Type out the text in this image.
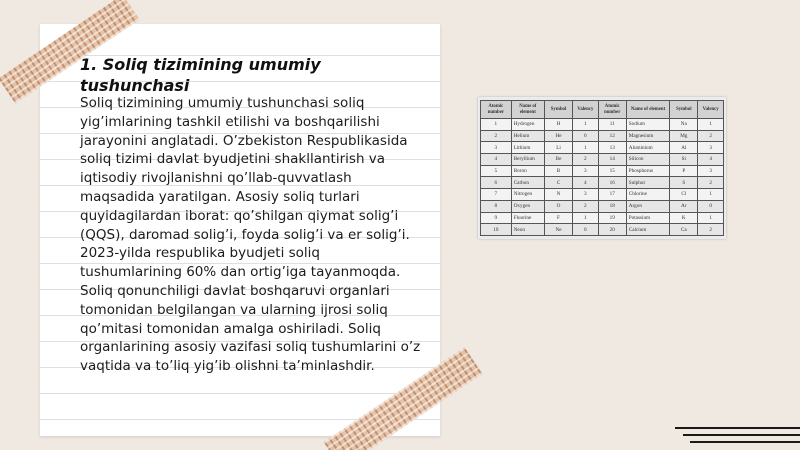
1. Soliq tizimining umumiy tushunchasi

Soliq tizimining umumiy tushunchasi soliq yig’imlarining tashkil etilishi va boshqarilishi jarayonini anglatadi. O’zbekiston Respublikasida soliq tizimi davlat byudjetini shakllantirish va iqtisodiy rivojlanishni qo’llab-quvvatlash maqsadida yaratilgan. Asosiy soliq turlari quyidagilardan iborat: qo’shilgan qiymat solig’i (QQS), daromad solig’i, foyda solig’i va er solig’i. 2023-yilda respublika byudjeti soliq tushumlarining 60% dan ortig’iga tayanmoqda. Soliq qonunchiligi davlat boshqaruvi organlari tomonidan belgilangan va ularning ijrosi soliq qo’mitasi tomonidan amalga oshiriladi. Soliq organlarining asosiy vazifasi soliq tushumlarini o’z vaqtida va to’liq yig’ib olishni ta’minlashdir.

Atomic number	Name of element	Symbol	Valency	Atomic number	Name of element	Symbol	Valency
1	Hydrogen	H	1	11	Sodium	Na	1
2	Helium	He	0	12	Magnesium	Mg	2
3	Lithium	Li	1	13	Aluminium	Al	3
4	Beryllium	Be	2	14	Silicon	Si	4
5	Boron	B	3	15	Phosphorus	P	3
6	Carbon	C	4	16	Sulphur	S	2
7	Nitrogen	N	3	17	Chlorine	Cl	1
8	Oxygen	O	2	18	Argon	Ar	0
9	Fluorine	F	1	19	Potassium	K	1
10	Neon	Ne	0	20	Calcium	Ca	2
